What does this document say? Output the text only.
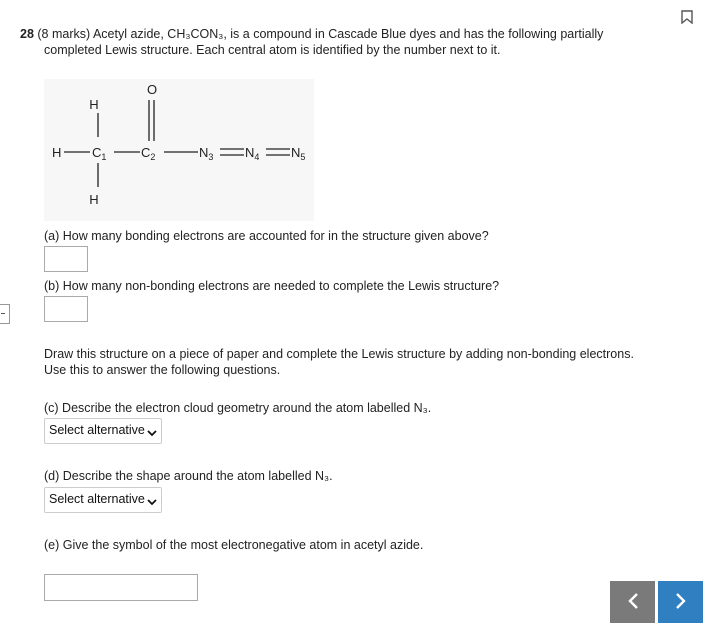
28 (8 marks) Acetyl azide, CH₃CON₃, is a compound in Cascade Blue dyes and has the following partially
completed Lewis structure. Each central atom is identified by the number next to it.
H
H $C_1$
H
O
$C_2$	$N_3$ $N_4$ $N_5$
(a) How many bonding electrons are accounted for in the structure given above?
(b) How many non-bonding electrons are needed to complete the Lewis structure?
Draw this structure on a piece of paper and complete the Lewis structure by adding non-bonding electrons.
Use this to answer the following questions.
(c) Describe the electron cloud geometry around the atom labelled N₃.
Select alternative
(d) Describe the shape around the atom labelled N₃.
Select alternative
(e) Give the symbol of the most electronegative atom in acetyl azide.
